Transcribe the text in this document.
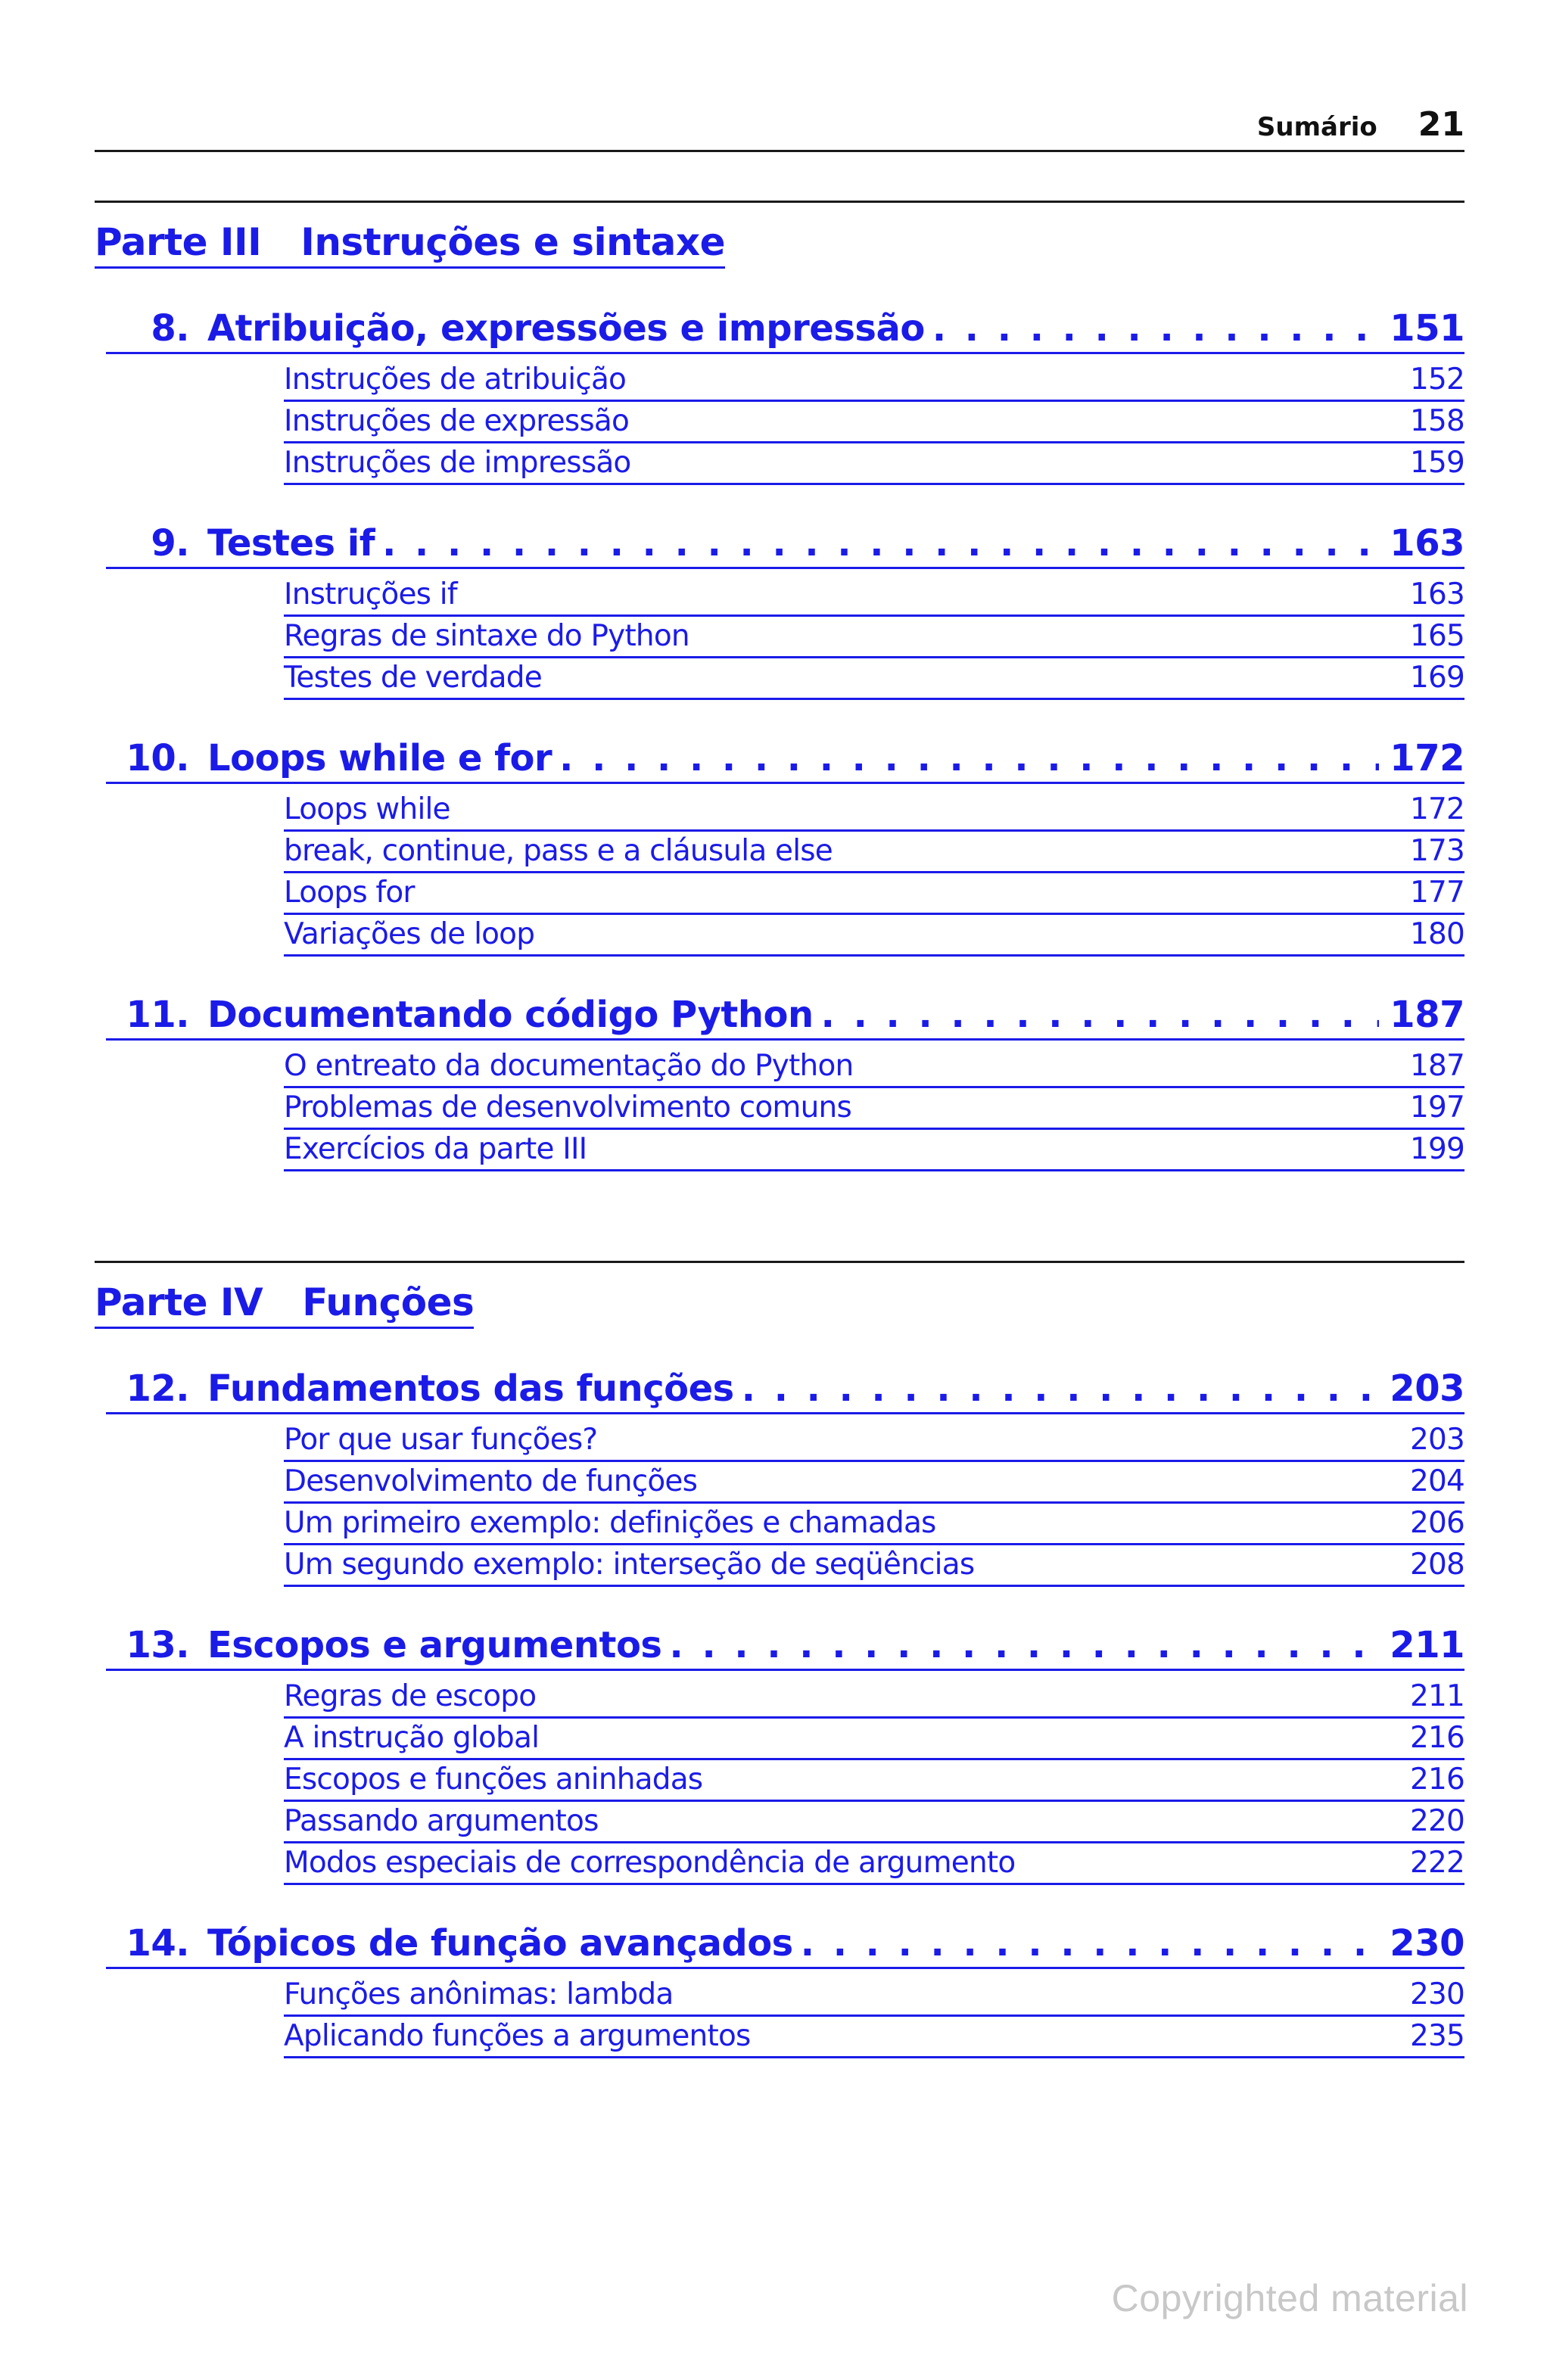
Sumário 21
Parte III Instruções e sintaxe
8. Atribuição, expressões e impressão . . .	151
Instruções de atribuição	152
Instruções de expressão	158
Instruções de impressão	159
9. Testes if . . .	163
Instruções if	163
Regras de sintaxe do Python	165
Testes de verdade	169
10. Loops while e for . . .	172
Loops while	172
break, continue, pass e a cláusula else	173
Loops for	177
Variações de loop	180
11. Documentando código Python . . .	187
O entreato da documentação do Python	187
Problemas de desenvolvimento comuns	197
Exercícios da parte III	199
Parte IV Funções
12. Fundamentos das funções . . .	203
Por que usar funções?	203
Desenvolvimento de funções	204
Um primeiro exemplo: definições e chamadas	206
Um segundo exemplo: interseção de seqüências	208
13. Escopos e argumentos . . .	211
Regras de escopo	211
A instrução global	216
Escopos e funções aninhadas	216
Passando argumentos	220
Modos especiais de correspondência de argumento	222
14. Tópicos de função avançados . . .	230
Funções anônimas: lambda	230
Aplicando funções a argumentos	235
Copyrighted material
